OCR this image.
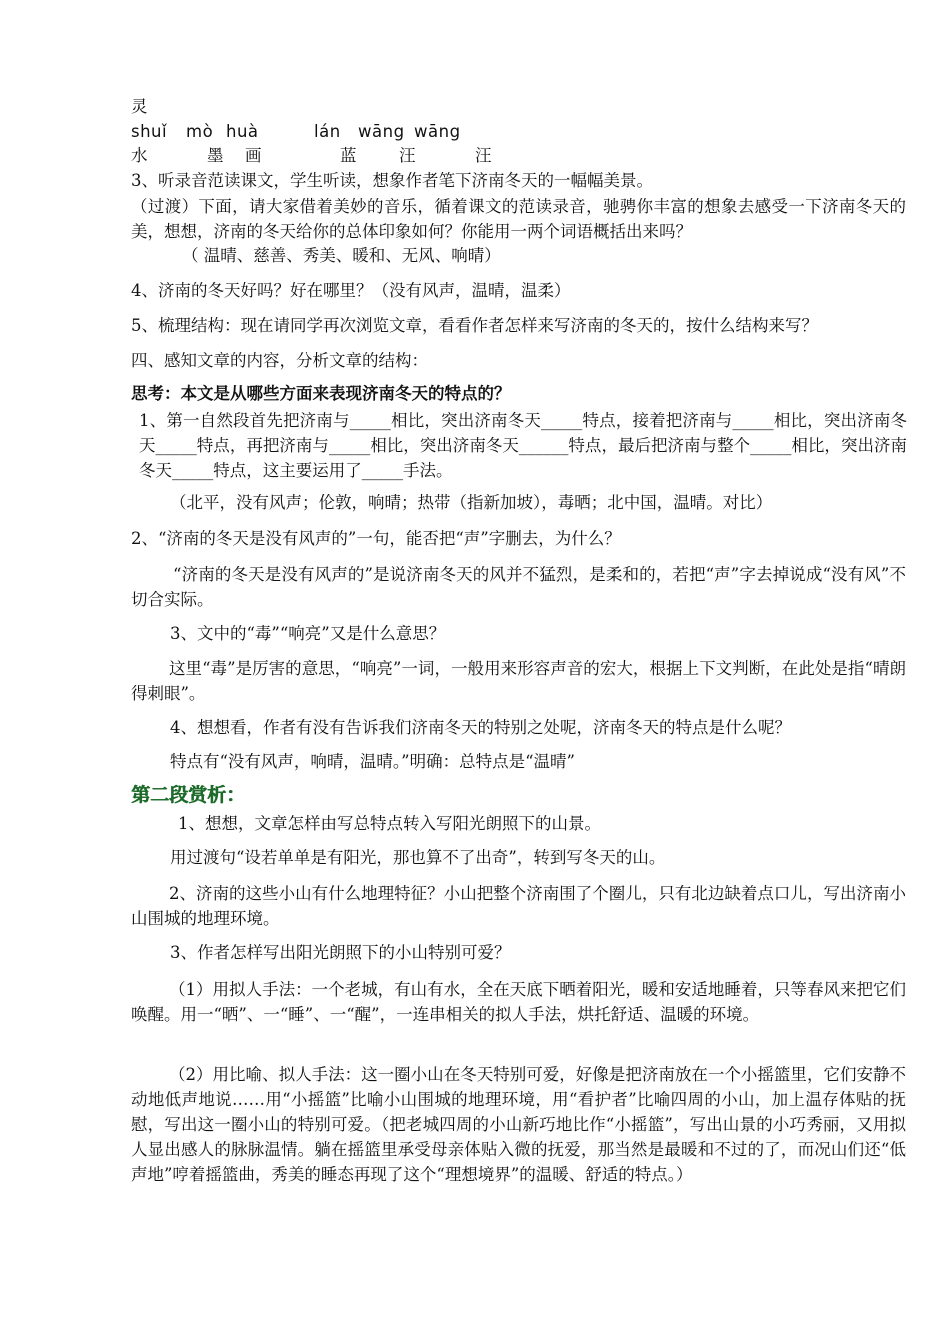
灵
shuǐ mò huà	lán wāng wāng
水	墨 画	蓝	汪	汪
3、听录音范读课文，学生听读，想象作者笔下济南冬天的一幅幅美景。
（过渡）下面，请大家借着美妙的音乐，循着课文的范读录音，驰骋你丰富的想象去感受一下济南冬天的美，想想，济南的冬天给你的总体印象如何？你能用一两个词语概括出来吗？
（ 温晴、慈善、秀美、暖和、无风、响晴）
4、济南的冬天好吗？好在哪里？（没有风声，温晴，温柔）
5、梳理结构：现在请同学再次浏览文章，看看作者怎样来写济南的冬天的，按什么结构来写？
四、感知文章的内容，分析文章的结构：
思考：本文是从哪些方面来表现济南冬天的特点的？
1、第一自然段首先把济南与_____相比，突出济南冬天_____特点，接着把济南与_____相比，突出济南冬天_____特点，再把济南与_____相比，突出济南冬天______特点，最后把济南与整个_____相比，突出济南冬天_____特点，这主要运用了_____手法。
（北平，没有风声；伦敦，响晴；热带（指新加坡），毒晒；北中国，温晴。对比）
2、“济南的冬天是没有风声的”一句，能否把“声”字删去，为什么？
“济南的冬天是没有风声的”是说济南冬天的风并不猛烈，是柔和的，若把“声”字去掉说成“没有风”不切合实际。
3、文中的“毒”“响亮”又是什么意思？
这里“毒”是厉害的意思，“响亮”一词，一般用来形容声音的宏大，根据上下文判断，在此处是指“晴朗得刺眼”。
4、想想看，作者有没有告诉我们济南冬天的特别之处呢，济南冬天的特点是什么呢？
特点有“没有风声，响晴，温晴。”明确：总特点是“温晴”
第二段赏析：
1、想想，文章怎样由写总特点转入写阳光朗照下的山景。
用过渡句“设若单单是有阳光，那也算不了出奇”，转到写冬天的山。
2、济南的这些小山有什么地理特征？小山把整个济南围了个圈儿，只有北边缺着点口儿，写出济南小山围城的地理环境。
3、作者怎样写出阳光朗照下的小山特别可爱？
（1）用拟人手法：一个老城，有山有水，全在天底下晒着阳光，暖和安适地睡着，只等春风来把它们唤醒。用一“晒”、一“睡”、一“醒”，一连串相关的拟人手法，烘托舒适、温暖的环境。
（2）用比喻、拟人手法：这一圈小山在冬天特别可爱，好像是把济南放在一个小摇篮里，它们安静不动地低声地说……用“小摇篮”比喻小山围城的地理环境，用“看护者”比喻四周的小山，加上温存体贴的抚慰，写出这一圈小山的特别可爱。（把老城四周的小山新巧地比作“小摇篮”，写出山景的小巧秀丽，又用拟人显出感人的脉脉温情。躺在摇篮里承受母亲体贴入微的抚爱，那当然是最暖和不过的了，而况山们还“低声地”哼着摇篮曲，秀美的睡态再现了这个“理想境界”的温暖、舒适的特点。）
